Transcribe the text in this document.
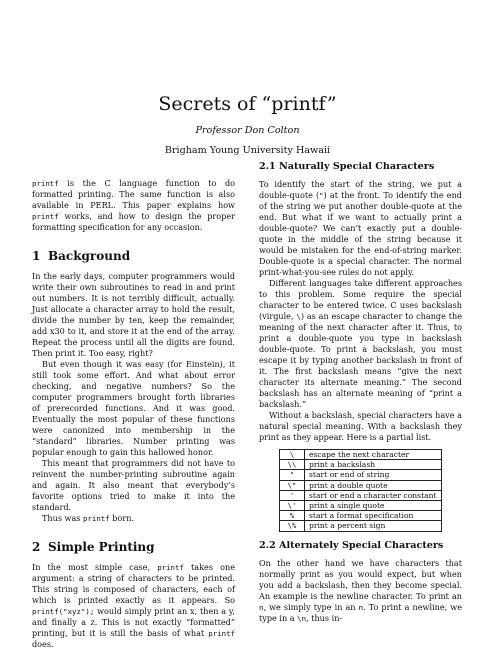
Secrets of “printf”
Professor Don Colton
Brigham Young University Hawaii

printf is the C language function to do formatted printing. The same function is also available in PERL. This paper explains how printf works, and how to design the proper formatting specification for any occasion.

1 Background

In the early days, computer programmers would write their own subroutines to read in and print out numbers. It is not terribly difficult, actually. Just allocate a character array to hold the result, divide the number by ten, keep the remainder, add x30 to it, and store it at the end of the array. Repeat the process until all the digits are found. Then print it. Too easy, right?

But even though it was easy (for Einstein), it still took some effort. And what about error checking, and negative numbers? So the computer programmers brought forth libraries of prerecorded functions. And it was good. Eventually the most popular of these functions were canonized into membership in the “standard” libraries. Number printing was popular enough to gain this hallowed honor.

This meant that programmers did not have to reinvent the number-printing subroutine again and again. It also meant that everybody’s favorite options tried to make it into the standard.

Thus was printf born.

2 Simple Printing

In the most simple case, printf takes one argument: a string of characters to be printed. This string is composed of characters, each of which is printed exactly as it appears. So printf("xyz"); would simply print an x, then a y, and finally a z. This is not exactly “formatted” printing, but it is still the basis of what printf does.

2.1 Naturally Special Characters

To identify the start of the string, we put a double-quote (") at the front. To identify the end of the string we put another double-quote at the end. But what if we want to actually print a double-quote? We can’t exactly put a double-quote in the middle of the string because it would be mistaken for the end-of-string marker. Double-quote is a special character. The normal print-what-you-see rules do not apply.

Different languages take different approaches to this problem. Some require the special character to be entered twice. C uses backslash (virgule, \) as an escape character to change the meaning of the next character after it. Thus, to print a double-quote you type in backslash double-quote. To print a backslash, you must escape it by typing another backslash in front of it. The first backslash means “give the next character its alternate meaning.” The second backslash has an alternate meaning of “print a backslash.”

Without a backslash, special characters have a natural special meaning. With a backslash they print as they appear. Here is a partial list.

\	escape the next character
\\	print a backslash
"	start or end of string
\"	print a double quote
'	start or end a character constant
\'	print a single quote
%	start a format specification
\%	print a percent sign
2.2 Alternately Special Characters

On the other hand we have characters that normally print as you would expect, but when you add a backslash, then they become special. An example is the newline character. To print an n, we simply type in an n. To print a newline, we type in a \n, thus in-
